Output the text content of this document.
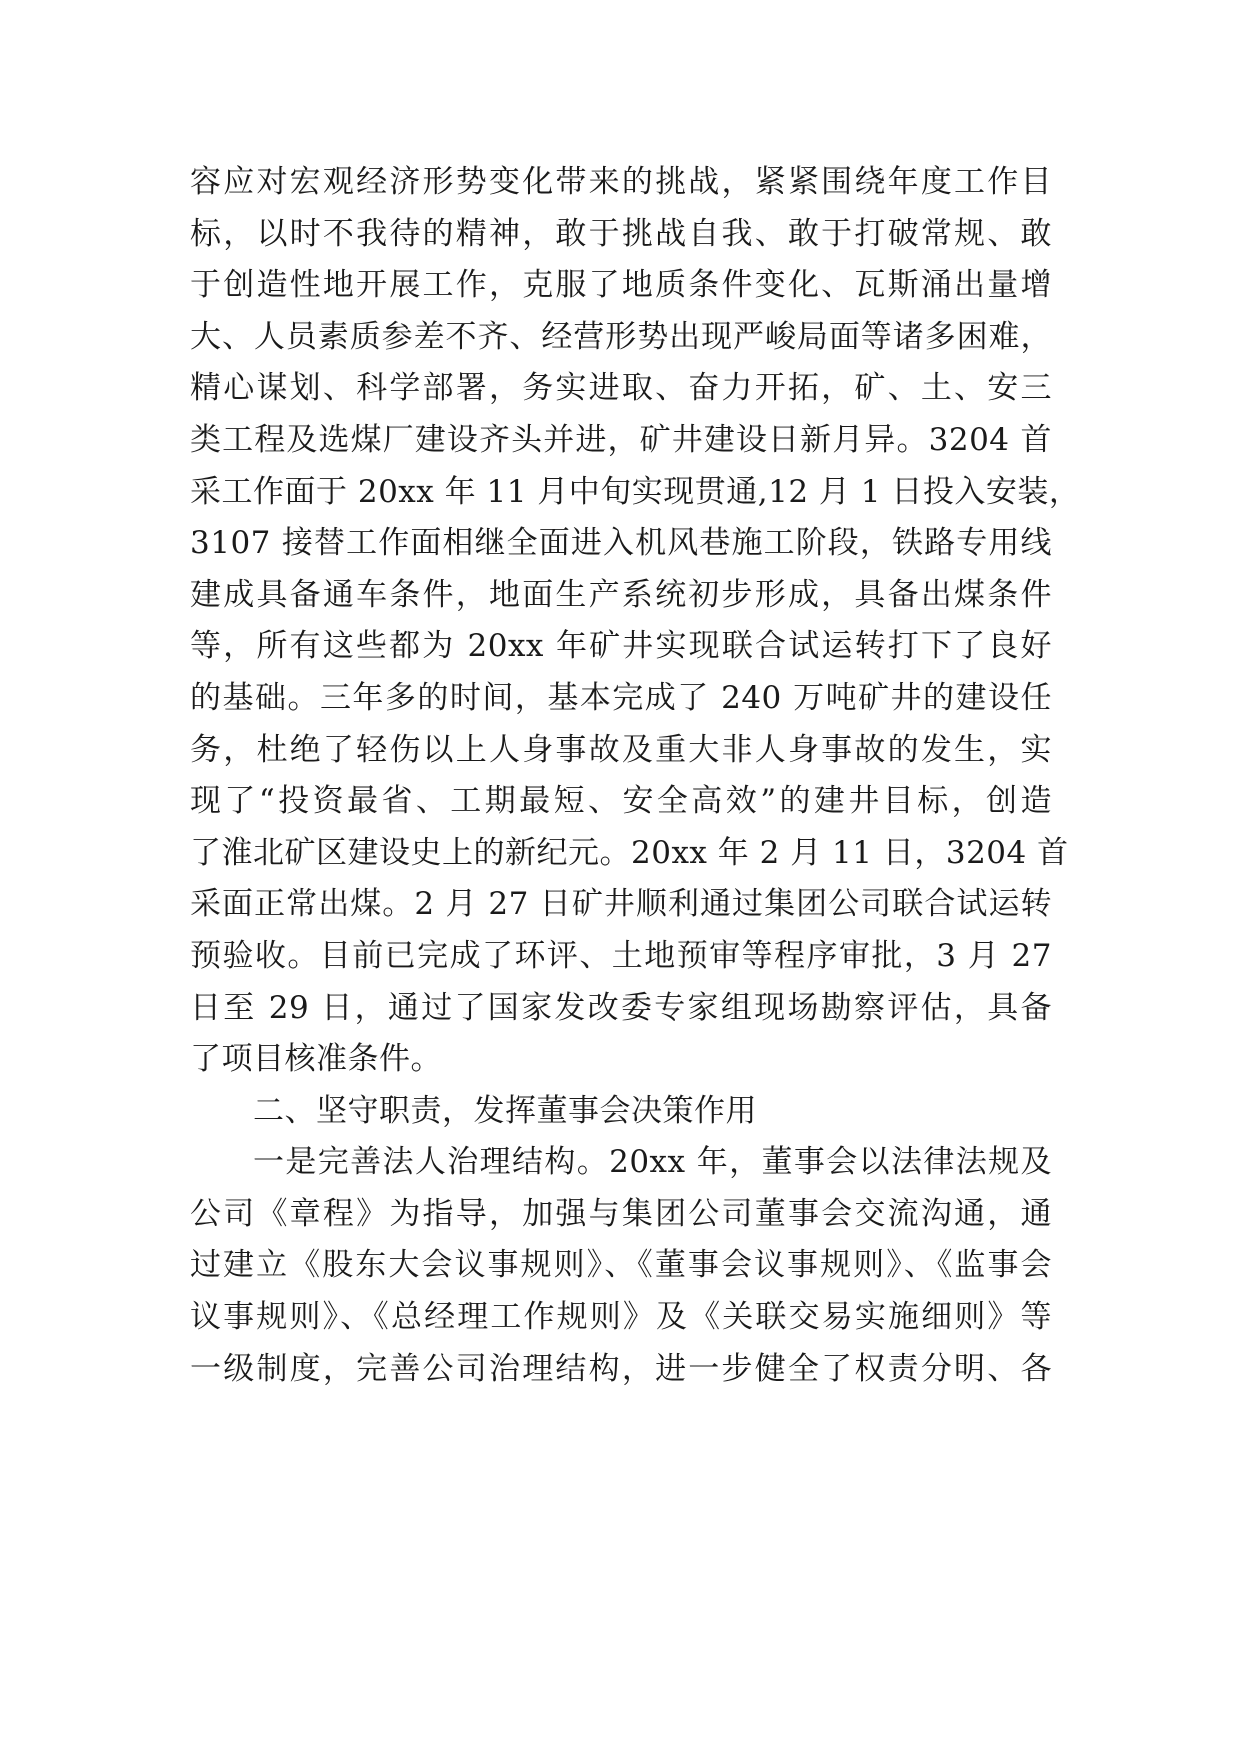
容应对宏观经济形势变化带来的挑战，紧紧围绕年度工作目
标，以时不我待的精神，敢于挑战自我、敢于打破常规、敢
于创造性地开展工作，克服了地质条件变化、瓦斯涌出量增
大、人员素质参差不齐、经营形势出现严峻局面等诸多困难，
精心谋划、科学部署，务实进取、奋力开拓，矿、土、安三
类工程及选煤厂建设齐头并进，矿井建设日新月异。3204 首
采工作面于 20xx 年 11 月中旬实现贯通,12 月 1 日投入安装，
3107 接替工作面相继全面进入机风巷施工阶段，铁路专用线
建成具备通车条件，地面生产系统初步形成，具备出煤条件
等，所有这些都为 20xx 年矿井实现联合试运转打下了良好
的基础。三年多的时间，基本完成了 240 万吨矿井的建设任
务，杜绝了轻伤以上人身事故及重大非人身事故的发生，实
现了“投资最省、工期最短、安全高效”的建井目标，创造
了淮北矿区建设史上的新纪元。20xx 年 2 月 11 日，3204 首
采面正常出煤。2 月 27 日矿井顺利通过集团公司联合试运转
预验收。目前已完成了环评、土地预审等程序审批，3 月 27
日至 29 日，通过了国家发改委专家组现场勘察评估，具备
了项目核准条件。
二、坚守职责，发挥董事会决策作用
一是完善法人治理结构。20xx 年，董事会以法律法规及
公司《章程》为指导，加强与集团公司董事会交流沟通，通
过建立《股东大会议事规则》、《董事会议事规则》、《监事会
议事规则》、《总经理工作规则》及《关联交易实施细则》等
一级制度，完善公司治理结构，进一步健全了权责分明、各
